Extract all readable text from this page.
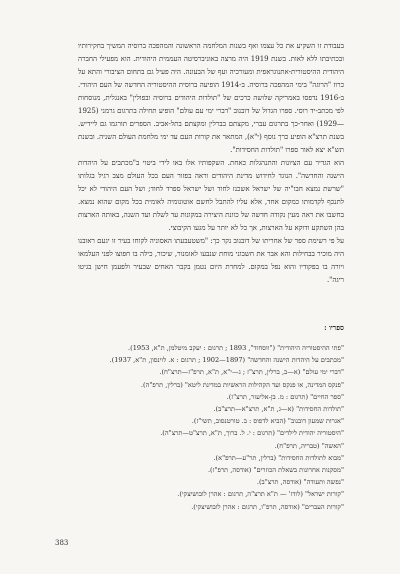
בעבודת זו השקיע את כל עצמו ואף בשנות המלחמה הראשונה והמהפכה ברוסיה המשיך בחקירותיו ובכתיבתו ללא לאות. בשנת 1919 היה מרצה באוניברסיטה העממית היהודית. הוא מפעילי החברה היהודית ההיסטורית-אתנוגראפית ומעורכיה ועף של הבעונה. היה פעיל גם בתחום הציבורי והתא על כרוז "הרוגה" בימי המהפכה ברוסיה. ב-1914 הופיעה ברוסית ההיסטוריה החדשה של העם היהודי. ב-1916 נדפסו באמריקה שלושה כרכים של "תולדות היהודים ברוסיה ובפולין" באנגלית, מנוסחות לפי מכתב-יד רוסי. ספרו הגדול של דובנוב "דברי ימי עם עולם" הופיע תחילה בתרגום גרמני (1925—1929) ואחר-כך בתרגום עברי, מקצתם בברלין ומקצתם בתל-אביב. הספרים תורגמו גם ליידיש. בשנת תרצ"א הופיע כרך נוסף (י"א), המתאר את קורות העם עד ימי מלחמת העולם השניה. ובשנת תש"א יצא לאור ספרו "תולדות החסידות".

הוא הגדיר עם הציונות והתנהגלות כאחת. השקפותיו אלו באו לידי ביטוי ב"מכתבים על היהדות הישנה והחדשה". הנוגד לחידוש מדינת היהודים וראה בפזור העם בכל העולם מצב רגיל בגלותו "שרשת נמצא חבו"יה של ישראל אשכנז לחוד ושל ישראל ספרד לחוד; ושל העם היהודי לא יכל לתנכף לקדמותו כמקום אחד, אלא עליו להתבל לחשם אוטונומיה לאומית בכל מקום שהוא נמצא. בחשבו את ראה מעין נקודה חדשה של כוונת היצירה במקונות עד לשלת ועד השנה, באותה הארצות בהן השתקע ודוקא על הארצות, אך כל לא יותר על מגעו הקיבוצי.

על פי רשימת ספר של אחריתו של דובנוב נקר כך: "משטעבעתו האסוניה לקוחו בעיר זו יגעם ראובנו היה מוכיר בבחילות והא אבר את חשבוני מוחת שנבעו לאומנור, שיכור, כילה בו חפוצו לפני העלמאו ויורה בו בפקודיו והוא נפל במקום. למחרת היום נטמן בקבר האחים שבעיר ולפעמן חישן בגיטו ריגה".

ספריו :

"פתי ההיסטוריה היהודית" ("ווסחוד", 1893 ; תרגום : יעקב מיטלמן, ת"א, 1953).
"מכתבים על היהדות הישנה והחדשה" (1897—1902 ; תרגום : א. לוינסון, ת"א, 1937).
"דברי ימי עולם" (א—ב, ברלין, תרצ"ז ; ג—י"א, ת"א, תרפ"ז—תרצ"ח).
"פנקס המדינה, או פנקס ועד הקהילות הראשיות במדינת ליטא" (ברלין, תרפ"ה).
"ספר החיים" (תרגום : מ. בן-אליעזר, תרצ"ז).
"תולדות החסידות" (א—ג, ת"א, תרצ"א—תרצ"ב).
"אגרות שמעון דובנוב" (הביא לדפוס : ב. טורטנסוב, תשי"ז).
"היסטוריה יהודית לילדים" (תרגום : י. ל. ברוך, ת"א, תרצ"ט—תרצ"ה).
"האשה" (טבריה, תרפ"ח).
"מבוא לתולדות החסידות" (ברלין, תר"ע—תרפ"א).
"מסקנות אחרונות בשאלת הכוזרים" (אודסה, תרפ"ז).
"נפשה ותעודה" (אודסה, תרצ"ב).
"קורות ישראל" (לודז' — ת"א תרצ"ה, תרגום : אהרן לובושיצקי).
"קורות העברים" (אודסה, תרפ"ו, תרגום : אהרן לובושיצקי).
383
